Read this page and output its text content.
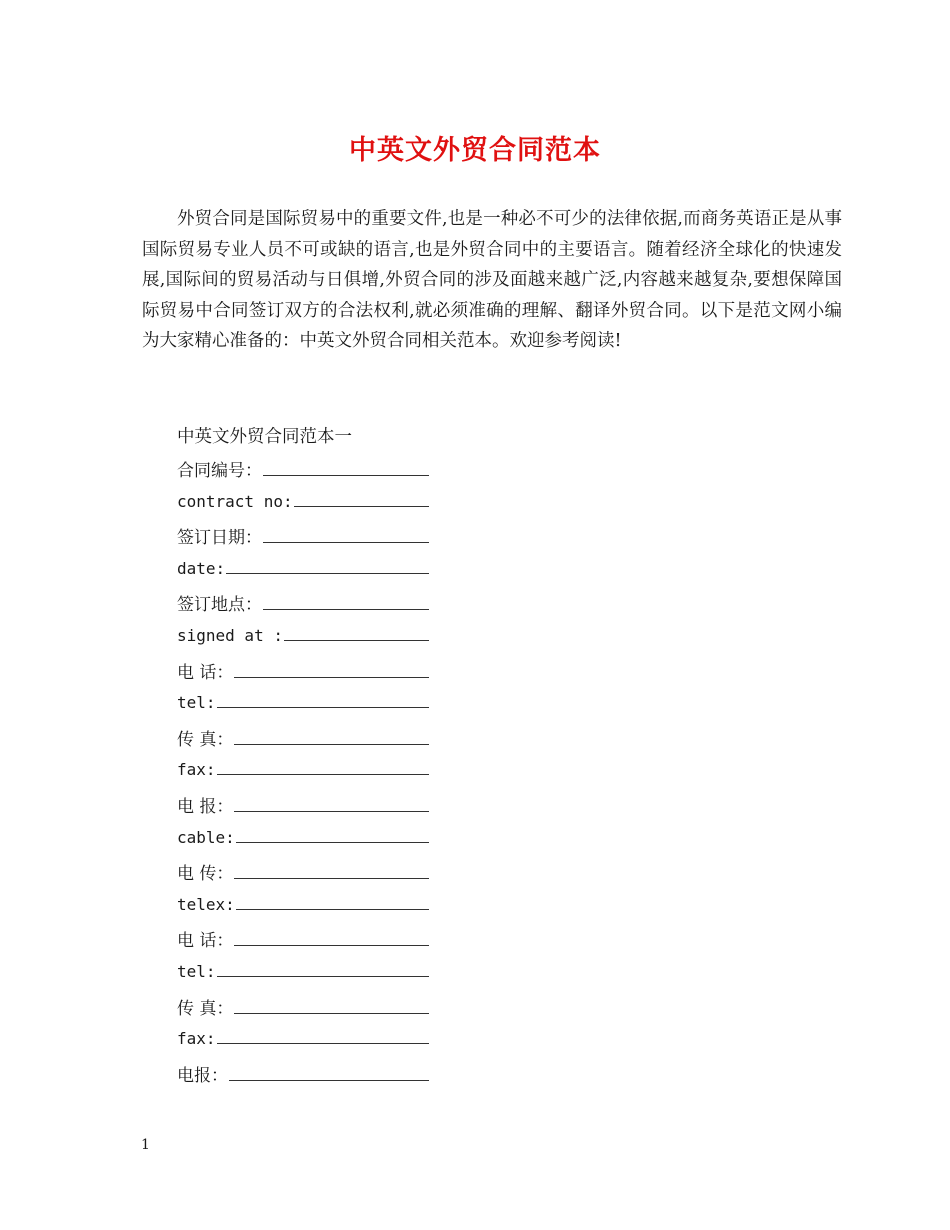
中英文外贸合同范本

外贸合同是国际贸易中的重要文件,也是一种必不可少的法律依据,而商务英语正是从事国际贸易专业人员不可或缺的语言,也是外贸合同中的主要语言。随着经济全球化的快速发展,国际间的贸易活动与日俱增,外贸合同的涉及面越来越广泛,内容越来越复杂,要想保障国际贸易中合同签订双方的合法权利,就必须准确的理解、翻译外贸合同。以下是范文网小编为大家精心准备的：中英文外贸合同相关范本。欢迎参考阅读!

中英文外贸合同范本一

合同编号：
contract no:
签订日期：
date:
签订地点：
signed at :
电 话：
tel:
传 真：
fax:
电 报：
cable:
电 传：
telex:
电 话：
tel:
传 真：
fax:
电报：
1
